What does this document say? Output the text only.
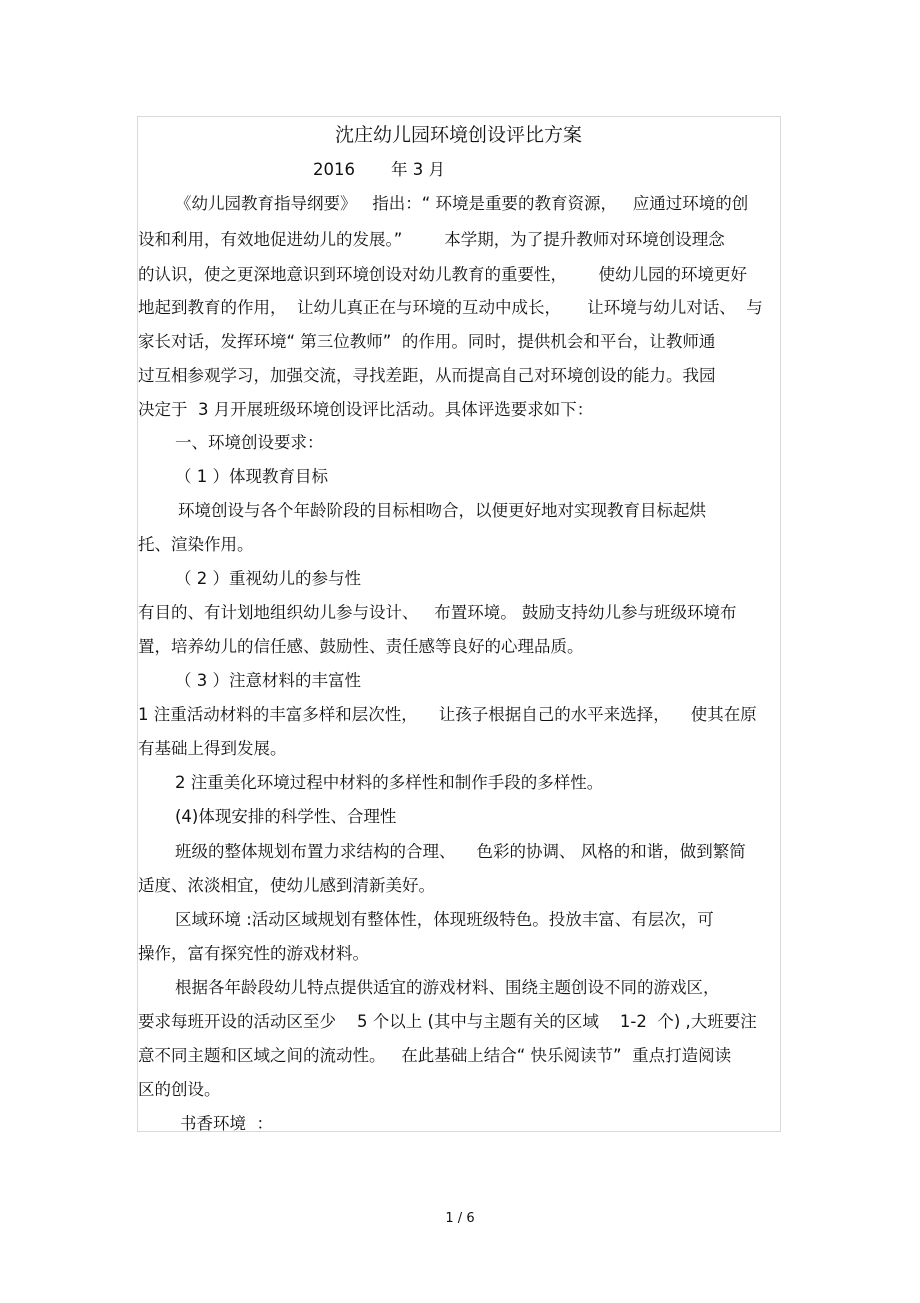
沈庄幼儿园环境创设评比方案
2016 年 3 月
《幼儿园教育指导纲要》   指出：“ 环境是重要的教育资源，   应通过环境的创
设和利用，有效地促进幼儿的发展。”        本学期，为了提升教师对环境创设理念
的认识，使之更深地意识到环境创设对幼儿教育的重要性，      使幼儿园的环境更好
地起到教育的作用，  让幼儿真正在与环境的互动中成长，     让环境与幼儿对话、  与
家长对话，发挥环境“ 第三位教师”  的作用。同时，提供机会和平台，让教师通
过互相参观学习，加强交流，寻找差距，从而提高自己对环境创设的能力。我园
决定于  3 月开展班级环境创设评比活动。具体评选要求如下：
一、环境创设要求：
（ 1 ）体现教育目标
环境创设与各个年龄阶段的目标相吻合，以便更好地对实现教育目标起烘
托、渲染作用。
（ 2 ）重视幼儿的参与性
有目的、有计划地组织幼儿参与设计、   布置环境。 鼓励支持幼儿参与班级环境布
置，培养幼儿的信任感、鼓励性、责任感等良好的心理品质。
（ 3 ）注意材料的丰富性
1 注重活动材料的丰富多样和层次性，    让孩子根据自己的水平来选择，    使其在原
有基础上得到发展。
2 注重美化环境过程中材料的多样性和制作手段的多样性。
(4)体现安排的科学性、合理性
班级的整体规划布置力求结构的合理、    色彩的协调、 风格的和谐，做到繁简
适度、浓淡相宜，使幼儿感到清新美好。
区域环境 :活动区域规划有整体性，体现班级特色。投放丰富、有层次，可
操作，富有探究性的游戏材料。
根据各年龄段幼儿特点提供适宜的游戏材料、围绕主题创设不同的游戏区，
要求每班开设的活动区至少    5 个以上 (其中与主题有关的区域    1-2  个) ,大班要注
意不同主题和区域之间的流动性。   在此基础上结合“ 快乐阅读节”  重点打造阅读
区的创设。
书香环境  ：
1 / 6
